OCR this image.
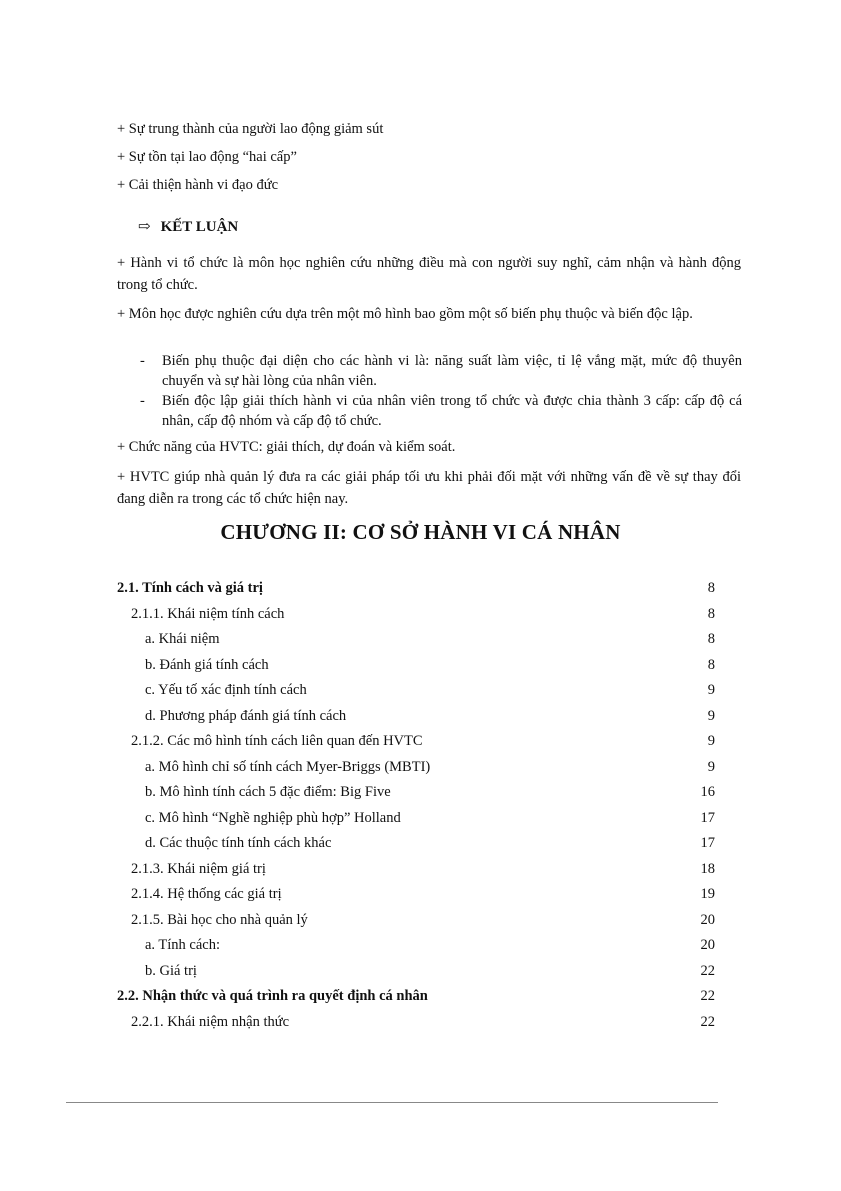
+ Sự trung thành của người lao động giảm sút
+ Sự tồn tại lao động “hai cấp”
+ Cải thiện hành vi đạo đức
⇨ KẾT LUẬN
+ Hành vi tổ chức là môn học nghiên cứu những điều mà con người suy nghĩ, cảm nhận và hành động trong tổ chức.
+ Môn học được nghiên cứu dựa trên một mô hình bao gồm một số biến phụ thuộc và biến độc lập.
- Biến phụ thuộc đại diện cho các hành vi là: năng suất làm việc, tỉ lệ vắng mặt, mức độ thuyên chuyển và sự hài lòng của nhân viên.
- Biến độc lập giải thích hành vi của nhân viên trong tổ chức và được chia thành 3 cấp: cấp độ cá nhân, cấp độ nhóm và cấp độ tổ chức.
+ Chức năng của HVTC: giải thích, dự đoán và kiểm soát.
+ HVTC giúp nhà quản lý đưa ra các giải pháp tối ưu khi phải đối mặt với những vấn đề về sự thay đổi đang diễn ra trong các tổ chức hiện nay.
CHƯƠNG II: CƠ SỞ HÀNH VI CÁ NHÂN
2.1. Tính cách và giá trị	8
2.1.1. Khái niệm tính cách	8
a. Khái niệm	8
b. Đánh giá tính cách	8
c. Yếu tố xác định tính cách	9
d. Phương pháp đánh giá tính cách	9
2.1.2. Các mô hình tính cách liên quan đến HVTC	9
a. Mô hình chỉ số tính cách Myer-Briggs (MBTI)	9
b. Mô hình tính cách 5 đặc điểm: Big Five	16
c. Mô hình “Nghề nghiệp phù hợp” Holland	17
d. Các thuộc tính tính cách khác	17
2.1.3. Khái niệm giá trị	18
2.1.4. Hệ thống các giá trị	19
2.1.5. Bài học cho nhà quản lý	20
a. Tính cách:	20
b. Giá trị	22
2.2. Nhận thức và quá trình ra quyết định cá nhân	22
2.2.1. Khái niệm nhận thức	22
